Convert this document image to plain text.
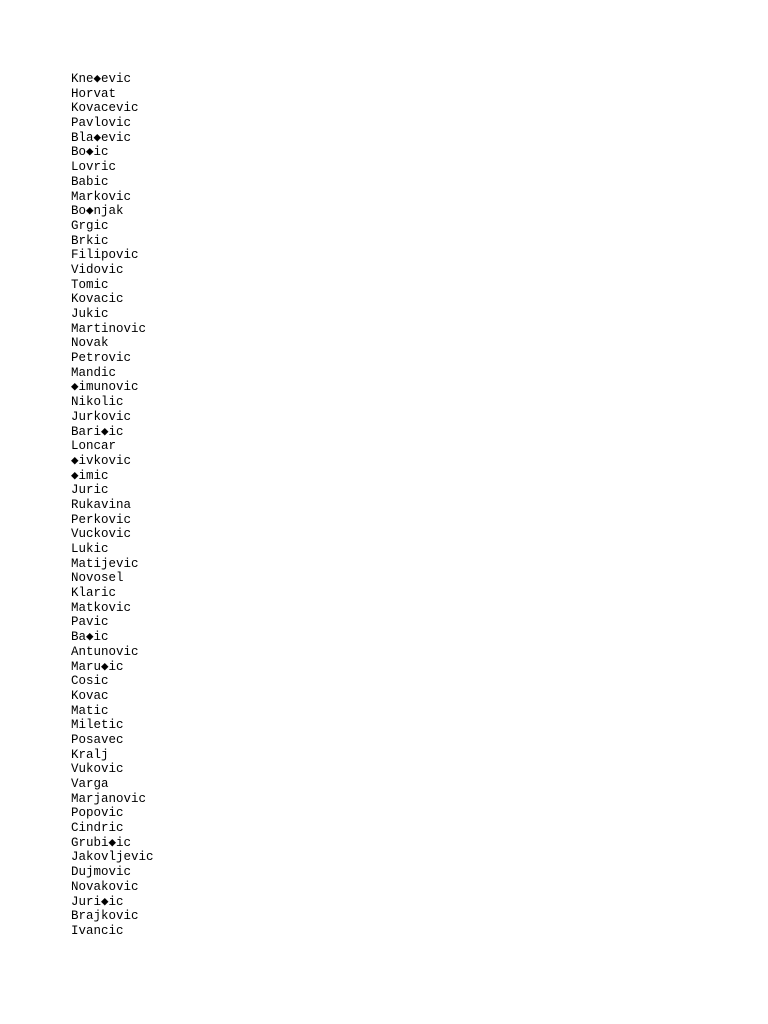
Kne◆evic
Horvat
Kovacevic
Pavlovic
Bla◆evic
Bo◆ic
Lovric
Babic
Markovic
Bo◆njak
Grgic
Brkic
Filipovic
Vidovic
Tomic
Kovacic
Jukic
Martinovic
Novak
Petrovic
Mandic
◆imunovic
Nikolic
Jurkovic
Bari◆ic
Loncar
◆ivkovic
◆imic
Juric
Rukavina
Perkovic
Vuckovic
Lukic
Matijevic
Novosel
Klaric
Matkovic
Pavic
Ba◆ic
Antunovic
Maru◆ic
Cosic
Kovac
Matic
Miletic
Posavec
Kralj
Vukovic
Varga
Marjanovic
Popovic
Cindric
Grubi◆ic
Jakovljevic
Dujmovic
Novakovic
Juri◆ic
Brajkovic
Ivancic
